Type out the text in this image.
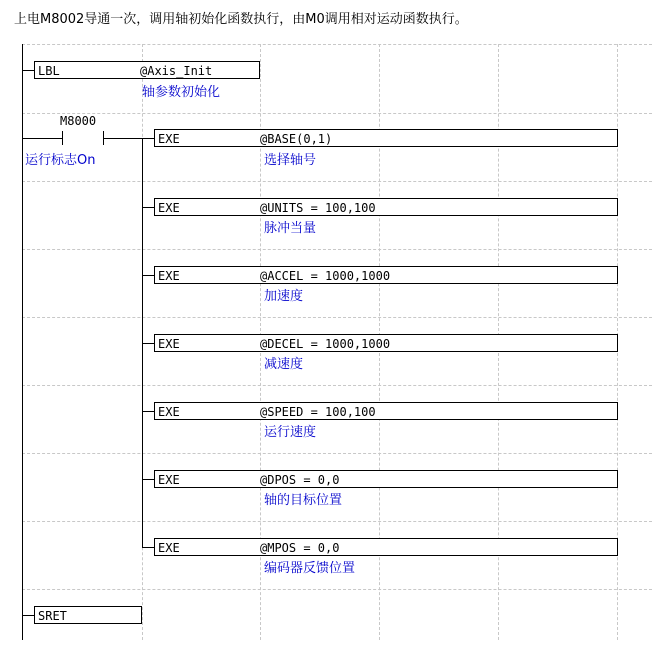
上电M8002导通一次，调用轴初始化函数执行，由M0调用相对运动函数执行。
LBL	@Axis_Init
轴参数初始化
M8000
运行标志On
EXE	@BASE(0,1)
选择轴号
EXE	@UNITS = 100,100
脉冲当量
EXE	@ACCEL = 1000,1000
加速度
EXE	@DECEL = 1000,1000
减速度
EXE	@SPEED = 100,100
运行速度
EXE	@DPOS = 0,0
轴的目标位置
EXE	@MPOS = 0,0
编码器反馈位置
SRET
